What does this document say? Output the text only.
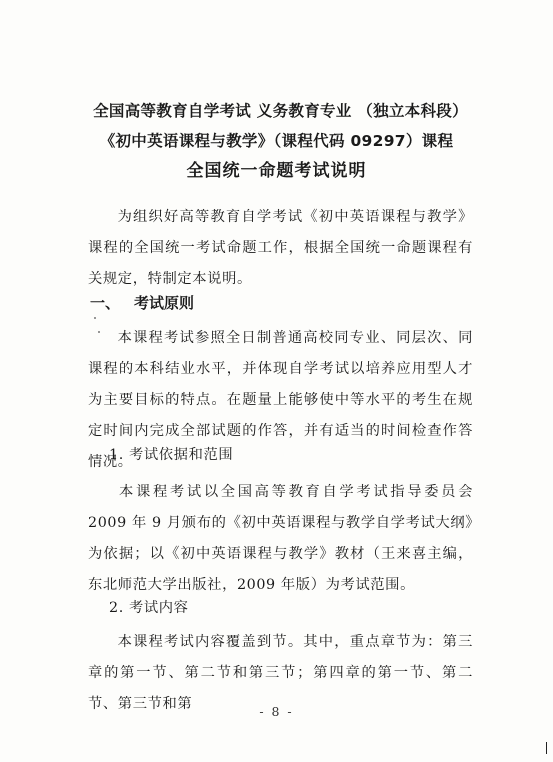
全国高等教育自学考试 义务教育专业 （独立本科段）
《初中英语课程与教学》（课程代码 09297）课程
全国统一命题考试说明
为组织好高等教育自学考试《初中英语课程与教学》课程的全国统一考试命题工作，根据全国统一命题课程有关规定，特制定本说明。
一、 考试原则
本课程考试参照全日制普通高校同专业、同层次、同课程的本科结业水平，并体现自学考试以培养应用型人才为主要目标的特点。在题量上能够使中等水平的考生在规定时间内完成全部试题的作答，并有适当的时间检查作答情况。
1. 考试依据和范围
本课程考试以全国高等教育自学考试指导委员会 2009 年 9 月颁布的《初中英语课程与教学自学考试大纲》为依据；以《初中英语课程与教学》教材（王来喜主编，东北师范大学出版社，2009 年版）为考试范围。
2. 考试内容
本课程考试内容覆盖到节。其中，重点章节为：第三章的第一节、第二节和第三节；第四章的第一节、第二节、第三节和第	- 8 -
